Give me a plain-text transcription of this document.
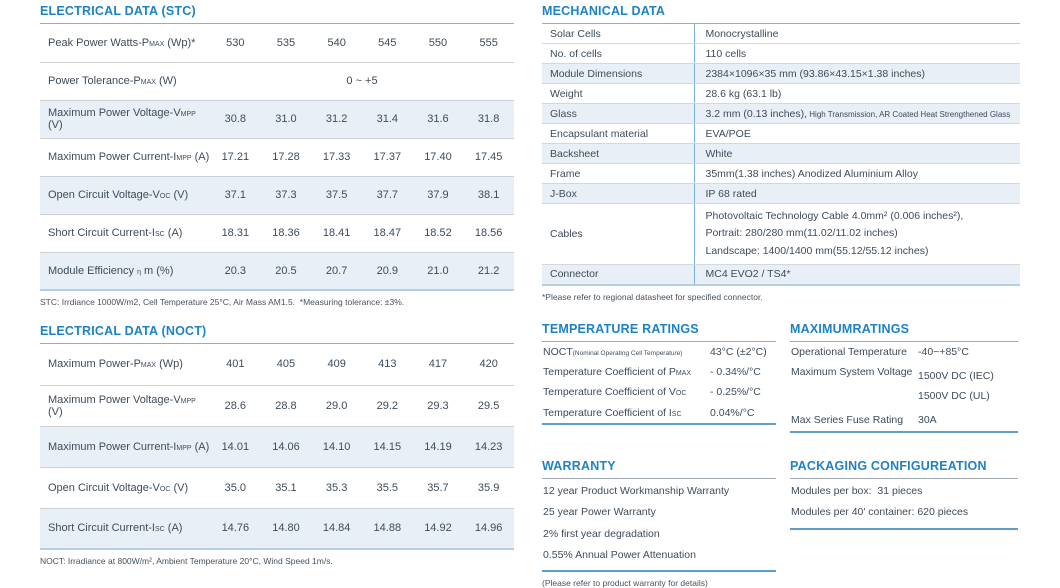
ELECTRICAL DATA (STC)
Peak Power Watts-PMAX (Wp)*	530	535	540	545	550	555
Power Tolerance-PMAX (W)	0 ~ +5					
Maximum Power Voltage-VMPP (V)	30.8	31.0	31.2	31.4	31.6	31.8
Maximum Power Current-IMPP (A)	17.21	17.28	17.33	17.37	17.40	17.45
Open Circuit Voltage-VOC (V)	37.1	37.3	37.5	37.7	37.9	38.1
Short Circuit Current-ISC (A)	18.31	18.36	18.41	18.47	18.52	18.56
Module Efficiency η m (%)	20.3	20.5	20.7	20.9	21.0	21.2
STC: Irrdiance 1000W/m2, Cell Temperature 25°C, Air Mass AM1.5.  *Measuring tolerance: ±3%.
ELECTRICAL DATA (NOCT)
Maximum Power-PMAX (Wp)	401	405	409	413	417	420
Maximum Power Voltage-VMPP (V)	28.6	28.8	29.0	29.2	29.3	29.5
Maximum Power Current-IMPP (A)	14.01	14.06	14.10	14.15	14.19	14.23
Open Circuit Voltage-VOC (V)	35.0	35.1	35.3	35.5	35.7	35.9
Short Circuit Current-ISC (A)	14.76	14.80	14.84	14.88	14.92	14.96
NOCT: Irradiance at 800W/m², Ambient Temperature 20°C, Wind Speed 1m/s.
MECHANICAL DATA
Solar Cells	Monocrystalline
No. of cells	110 cells
Module Dimensions	2384×1096×35 mm (93.86×43.15×1.38 inches)
Weight	28.6 kg (63.1 lb)
Glass	3.2 mm (0.13 inches), High Transmission, AR Coated Heat Strengthened Glass
Encapsulant material	EVA/POE
Backsheet	White
Frame	35mm(1.38 inches) Anodized Aluminium Alloy
J-Box	IP 68 rated
Cables	Photovoltaic Technology Cable 4.0mm² (0.006 inches²),
Portrait: 280/280 mm(11.02/11.02 inches)
Landscape: 1400/1400 mm(55.12/55.12 inches)

Connector	MC4 EVO2 / TS4*
*Please refer to regional datasheet for specified connector.
TEMPERATURE RATINGS
NOCT(Nominal Operating Cell Temperature)	43°C (±2°C)
Temperature Coefficient of PMAX	- 0.34%/°C
Temperature Coefficient of VOC	- 0.25%/°C
Temperature Coefficient of ISC	0.04%/°C
MAXIMUMRATINGS
Operational Temperature	-40~+85°C
Maximum System Voltage	1500V DC (IEC)
1500V DC (UL)

Max Series Fuse Rating	30A
WARRANTY
12 year Product Workmanship Warranty
25 year Power Warranty
2% first year degradation
0.55% Annual Power Attenuation
(Please refer to product warranty for details)
PACKAGING CONFIGUREATION
Modules per box:  31 pieces
Modules per 40' container: 620 pieces
